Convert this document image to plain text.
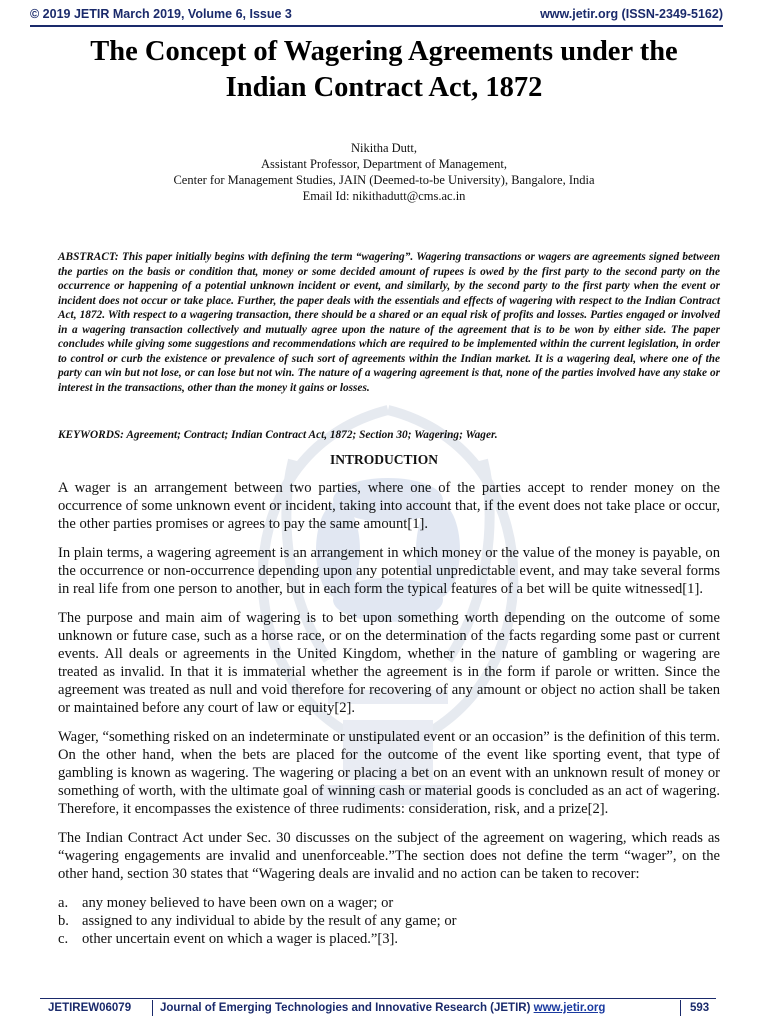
© 2019 JETIR March 2019, Volume 6, Issue 3	www.jetir.org (ISSN-2349-5162)
The Concept of Wagering Agreements under the
Indian Contract Act, 1872
Nikitha Dutt,
Assistant Professor, Department of Management,
Center for Management Studies, JAIN (Deemed-to-be University), Bangalore, India
Email Id: nikithadutt@cms.ac.in

ABSTRACT: This paper initially begins with defining the term “wagering”. Wagering transactions or wagers are agreements signed between the parties on the basis or condition that, money or some decided amount of rupees is owed by the first party to the second party on the occurrence or happening of a potential unknown incident or event, and similarly, by the second party to the first party when the event or incident does not occur or take place. Further, the paper deals with the essentials and effects of wagering with respect to the Indian Contract Act, 1872. With respect to a wagering transaction, there should be a shared or an equal risk of profits and losses. Parties engaged or involved in a wagering transaction collectively and mutually agree upon the nature of the agreement that is to be won by either side. The paper concludes while giving some suggestions and recommendations which are required to be implemented within the current legislation, in order to control or curb the existence or prevalence of such sort of agreements within the Indian market. It is a wagering deal, where one of the party can win but not lose, or can lose but not win. The nature of a wagering agreement is that, none of the parties involved have any stake or interest in the transactions, other than the money it gains or losses.

KEYWORDS: Agreement; Contract; Indian Contract Act, 1872; Section 30; Wagering; Wager.

INTRODUCTION

A wager is an arrangement between two parties, where one of the parties accept to render money on the occurrence of some unknown event or incident, taking into account that, if the event does not take place or occur, the other parties promises or agrees to pay the same amount[1].

In plain terms, a wagering agreement is an arrangement in which money or the value of the money is payable, on the occurrence or non-occurrence depending upon any potential unpredictable event, and may take several forms in real life from one person to another, but in each form the typical features of a bet will be quite witnessed[1].

The purpose and main aim of wagering is to bet upon something worth depending on the outcome of some unknown or future case, such as a horse race, or on the determination of the facts regarding some past or current events. All deals or agreements in the United Kingdom, whether in the nature of gambling or wagering are treated as invalid. In that it is immaterial whether the agreement is in the form if parole or written. Since the agreement was treated as null and void therefore for recovering of any amount or object no action shall be taken or maintained before any court of law or equity[2].

Wager, “something risked on an indeterminate or unstipulated event or an occasion” is the definition of this term. On the other hand, when the bets are placed for the outcome of the event like sporting event, that type of gambling is known as wagering. The wagering or placing a bet on an event with an unknown result of money or something of worth, with the ultimate goal of winning cash or material goods is concluded as an act of wagering. Therefore, it encompasses the existence of three rudiments: consideration, risk, and a prize[2].

The Indian Contract Act under Sec. 30 discusses on the subject of the agreement on wagering, which reads as “wagering engagements are invalid and unenforceable.”The section does not define the term “wager”, on the other hand, section 30 states that “Wagering deals are invalid and no action can be taken to recover:

a. any money believed to have been own on a wager; or
b. assigned to any individual to abide by the result of any game; or
c. other uncertain event on which a wager is placed.”[3].
JETIREW06079	Journal of Emerging Technologies and Innovative Research (JETIR) www.jetir.org	593
